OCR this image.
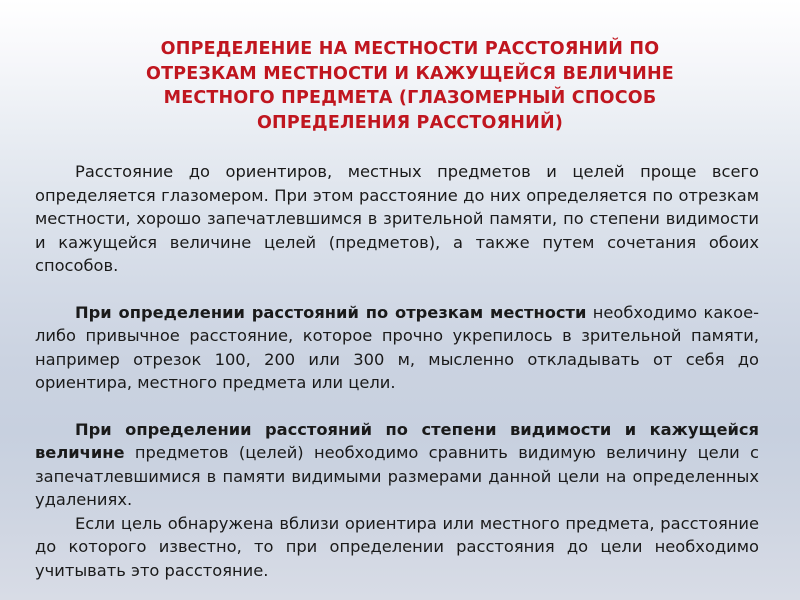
ОПРЕДЕЛЕНИЕ НА МЕСТНОСТИ РАССТОЯНИЙ ПО
ОТРЕЗКАМ МЕСТНОСТИ И КАЖУЩЕЙСЯ ВЕЛИЧИНЕ
МЕСТНОГО ПРЕДМЕТА (ГЛАЗОМЕРНЫЙ СПОСОБ
ОПРЕДЕЛЕНИЯ РАССТОЯНИЙ)

Расстояние до ориентиров, местных предметов и целей проще всего определяется глазомером. При этом расстояние до них определяется по отрезкам местности, хорошо запечатлевшимся в зрительной памяти, по степени видимости и кажущейся величине целей (предметов), а также путем сочетания обоих способов.

При определении расстояний по отрезкам местности необходимо какое-либо привычное расстояние, которое прочно укрепилось в зрительной памяти, например отрезок 100, 200 или 300 м, мысленно откладывать от себя до ориентира, местного предмета или цели.

При определении расстояний по степени видимости и кажущейся величине предметов (целей) необходимо сравнить видимую величину цели с запечатлевшимися в памяти видимыми размерами данной цели на определенных удалениях.

Если цель обнаружена вблизи ориентира или местного предмета, расстояние до которого известно, то при определении расстояния до цели необходимо учитывать это расстояние.
